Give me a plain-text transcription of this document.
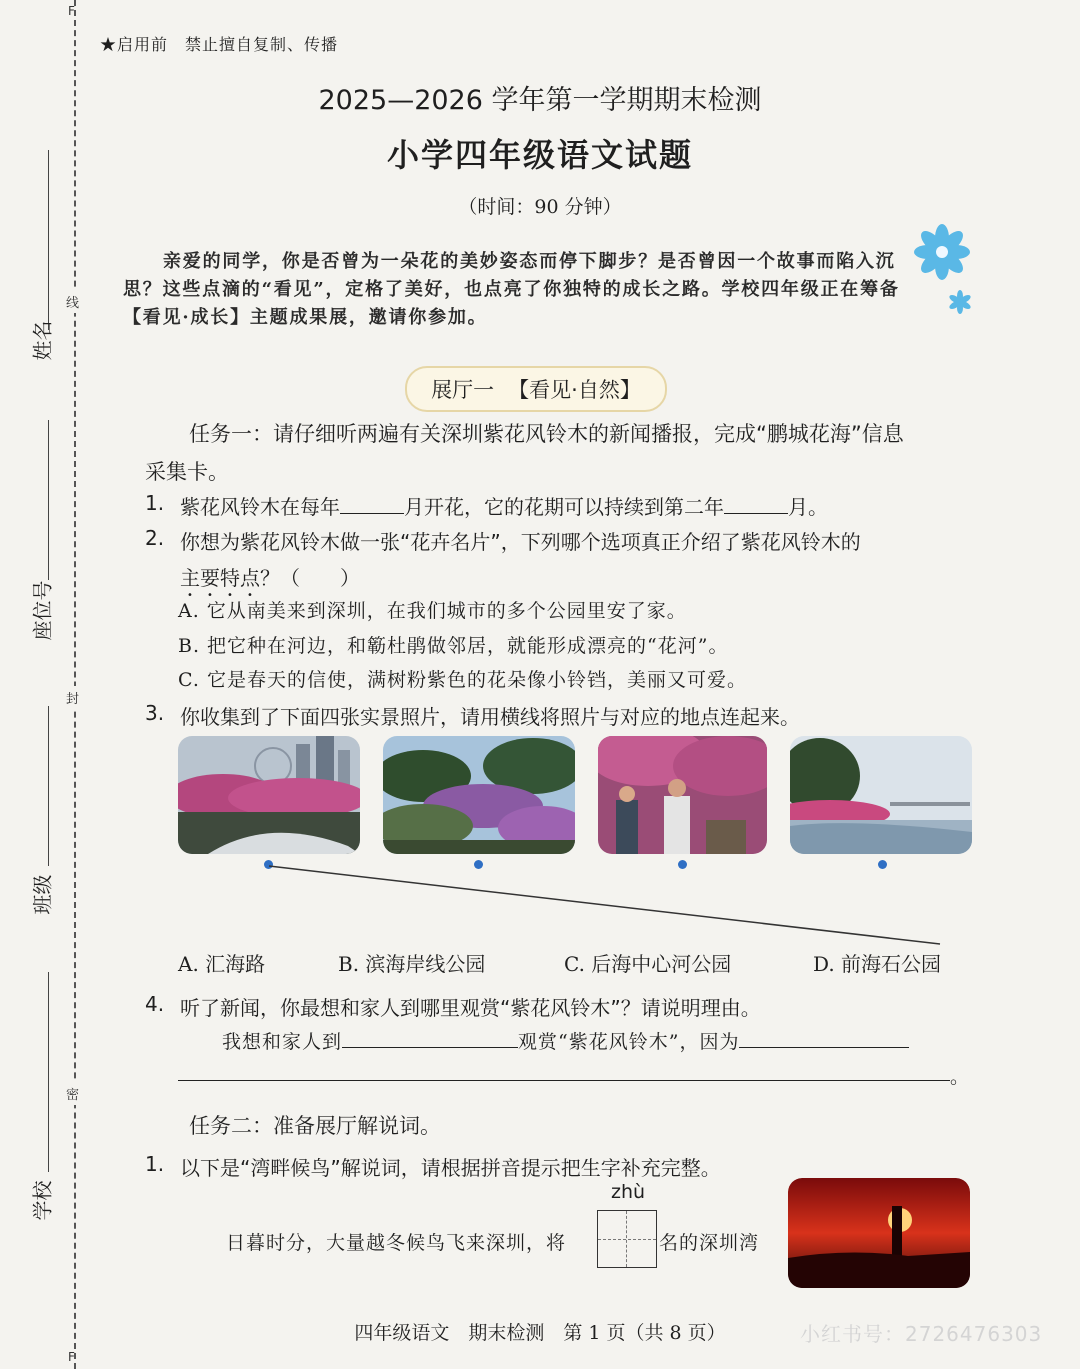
F
F
线
封
密
姓名
座位号
班级
学校
★启用前　禁止擅自复制、传播
2025—2026 学年第一学期期末检测
小学四年级语文试题
（时间：90 分钟）
亲爱的同学，你是否曾为一朵花的美妙姿态而停下脚步？是否曾因一个故事而陷入沉思？这些点滴的“看见”，定格了美好，也点亮了你独特的成长之路。学校四年级正在筹备【看见·成长】主题成果展，邀请你参加。
展厅一 【看见·自然】
任务一：请仔细听两遍有关深圳紫花风铃木的新闻播报，完成“鹏城花海”信息
采集卡。
1. 紫花风铃木在每年	月开花，它的花期可以持续到第二年	月。
2. 你想为紫花风铃木做一张“花卉名片”，下列哪个选项真正介绍了紫花风铃木的
主要特点？（　　）
A. 它从南美来到深圳，在我们城市的多个公园里安了家。
B. 把它种在河边，和簕杜鹃做邻居，就能形成漂亮的“花河”。
C. 它是春天的信使，满树粉紫色的花朵像小铃铛，美丽又可爱。
3. 你收集到了下面四张实景照片，请用横线将照片与对应的地点连起来。
A. 汇海路	B. 滨海岸线公园	C. 后海中心河公园	D. 前海石公园
4. 听了新闻，你最想和家人到哪里观赏“紫花风铃木”？请说明理由。
我想和家人到	观赏“紫花风铃木”，因为
。
任务二：准备展厅解说词。
1. 以下是“湾畔候鸟”解说词，请根据拼音提示把生字补充完整。
zhù
日暮时分，大量越冬候鸟飞来深圳，将	名的深圳湾
四年级语文　期末检测　第 1 页（共 8 页）	小红书号：2726476303
